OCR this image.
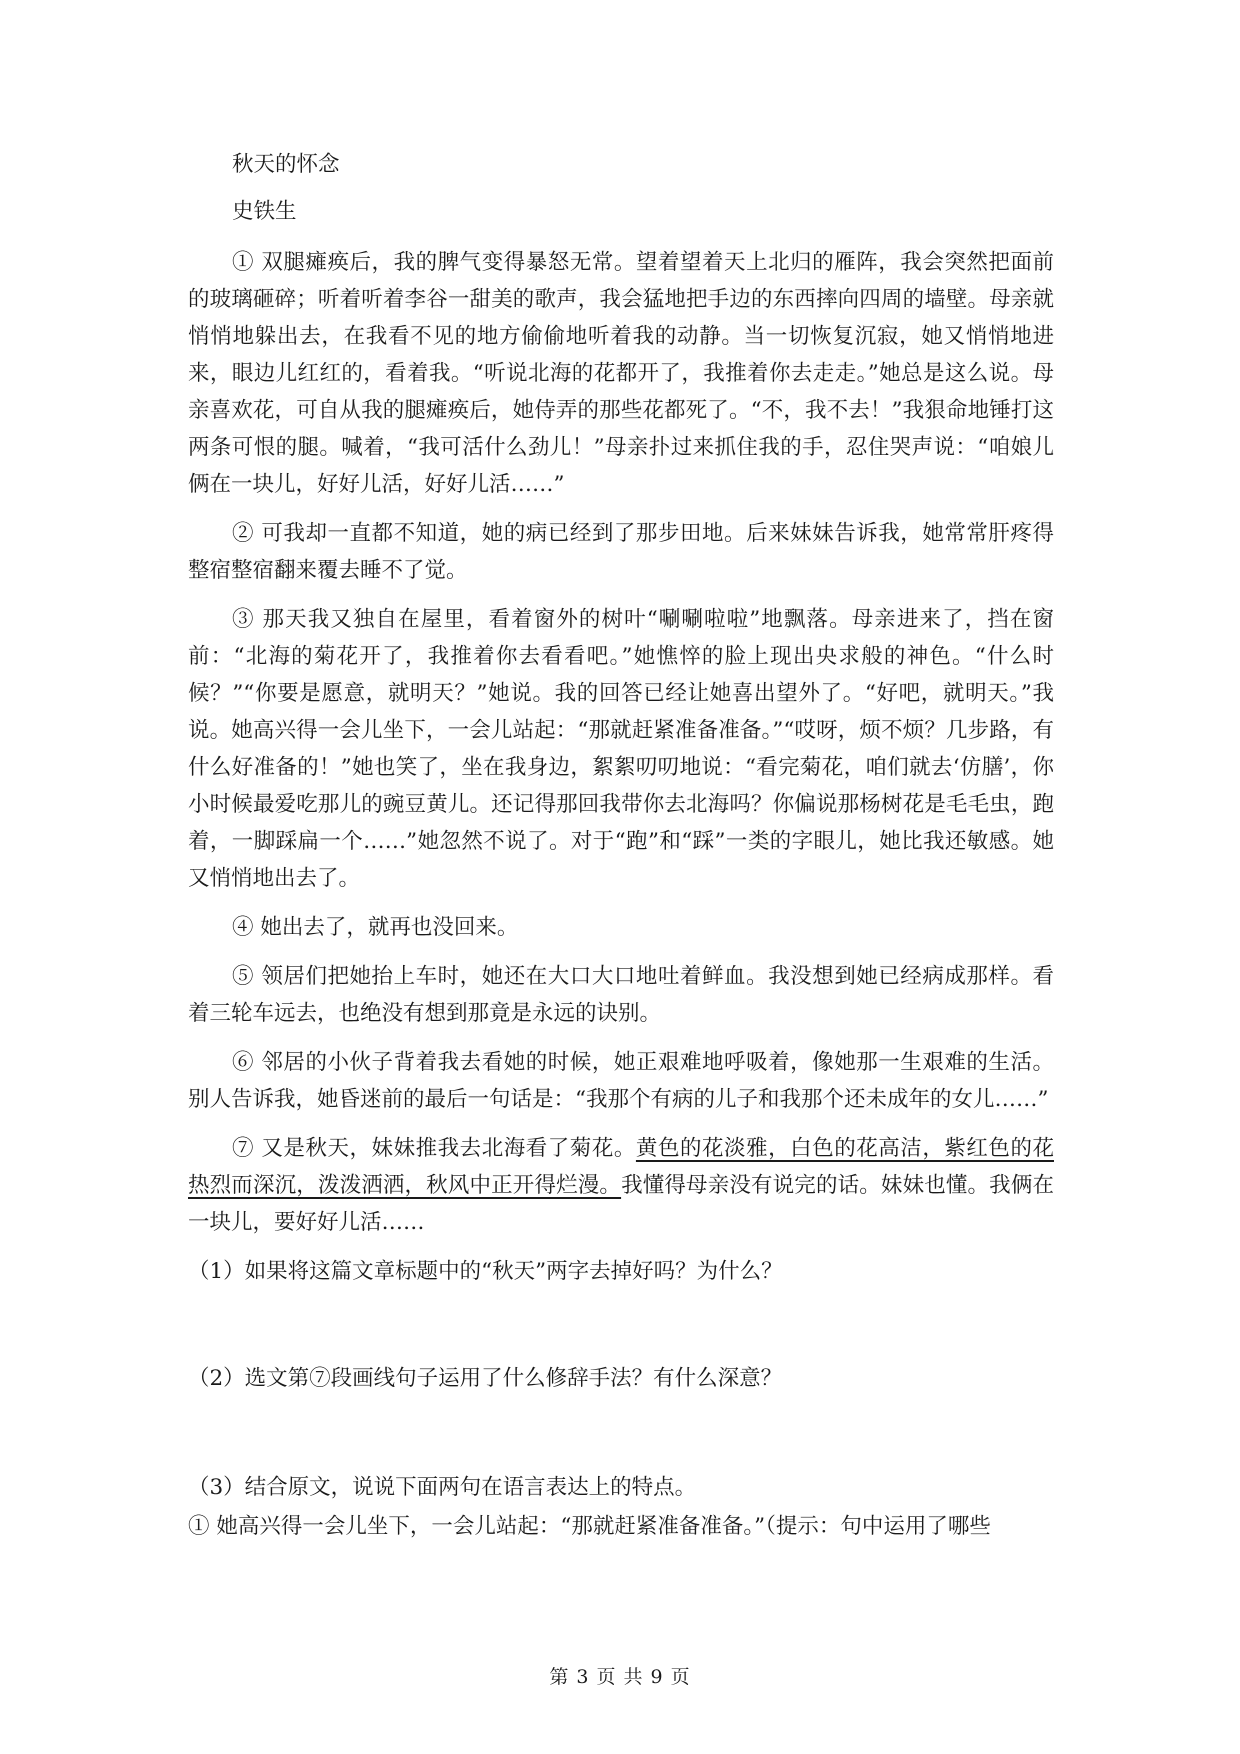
秋天的怀念
史铁生

① 双腿瘫痪后，我的脾气变得暴怒无常。望着望着天上北归的雁阵，我会突然把面前的玻璃砸碎；听着听着李谷一甜美的歌声，我会猛地把手边的东西摔向四周的墙壁。母亲就悄悄地躲出去，在我看不见的地方偷偷地听着我的动静。当一切恢复沉寂，她又悄悄地进来，眼边儿红红的，看着我。“听说北海的花都开了，我推着你去走走。”她总是这么说。母亲喜欢花，可自从我的腿瘫痪后，她侍弄的那些花都死了。“不，我不去！”我狠命地锤打这两条可恨的腿。喊着，“我可活什么劲儿！”母亲扑过来抓住我的手，忍住哭声说：“咱娘儿俩在一块儿，好好儿活，好好儿活……”

② 可我却一直都不知道，她的病已经到了那步田地。后来妹妹告诉我，她常常肝疼得整宿整宿翻来覆去睡不了觉。

③ 那天我又独自在屋里，看着窗外的树叶“唰唰啦啦”地飘落。母亲进来了，挡在窗前：“北海的菊花开了，我推着你去看看吧。”她憔悴的脸上现出央求般的神色。“什么时候？”“你要是愿意，就明天？”她说。我的回答已经让她喜出望外了。“好吧，就明天。”我说。她高兴得一会儿坐下，一会儿站起：“那就赶紧准备准备。”“哎呀，烦不烦？几步路，有什么好准备的！”她也笑了，坐在我身边，絮絮叨叨地说：“看完菊花，咱们就去‘仿膳’，你小时候最爱吃那儿的豌豆黄儿。还记得那回我带你去北海吗？你偏说那杨树花是毛毛虫，跑着，一脚踩扁一个……”她忽然不说了。对于“跑”和“踩”一类的字眼儿，她比我还敏感。她又悄悄地出去了。

④ 她出去了，就再也没回来。

⑤ 领居们把她抬上车时，她还在大口大口地吐着鲜血。我没想到她已经病成那样。看着三轮车远去，也绝没有想到那竟是永远的诀别。

⑥ 邻居的小伙子背着我去看她的时候，她正艰难地呼吸着，像她那一生艰难的生活。别人告诉我，她昏迷前的最后一句话是：“我那个有病的儿子和我那个还未成年的女儿……”

⑦ 又是秋天，妹妹推我去北海看了菊花。黄色的花淡雅，白色的花高洁，紫红色的花热烈而深沉，泼泼洒洒，秋风中正开得烂漫。我懂得母亲没有说完的话。妹妹也懂。我俩在一块儿，要好好儿活……

（1）如果将这篇文章标题中的“秋天”两字去掉好吗？为什么？

（2）选文第⑦段画线句子运用了什么修辞手法？有什么深意？

（3）结合原文，说说下面两句在语言表达上的特点。

① 她高兴得一会儿坐下，一会儿站起：“那就赶紧准备准备。”（提示：句中运用了哪些

第 3 页 共 9 页
